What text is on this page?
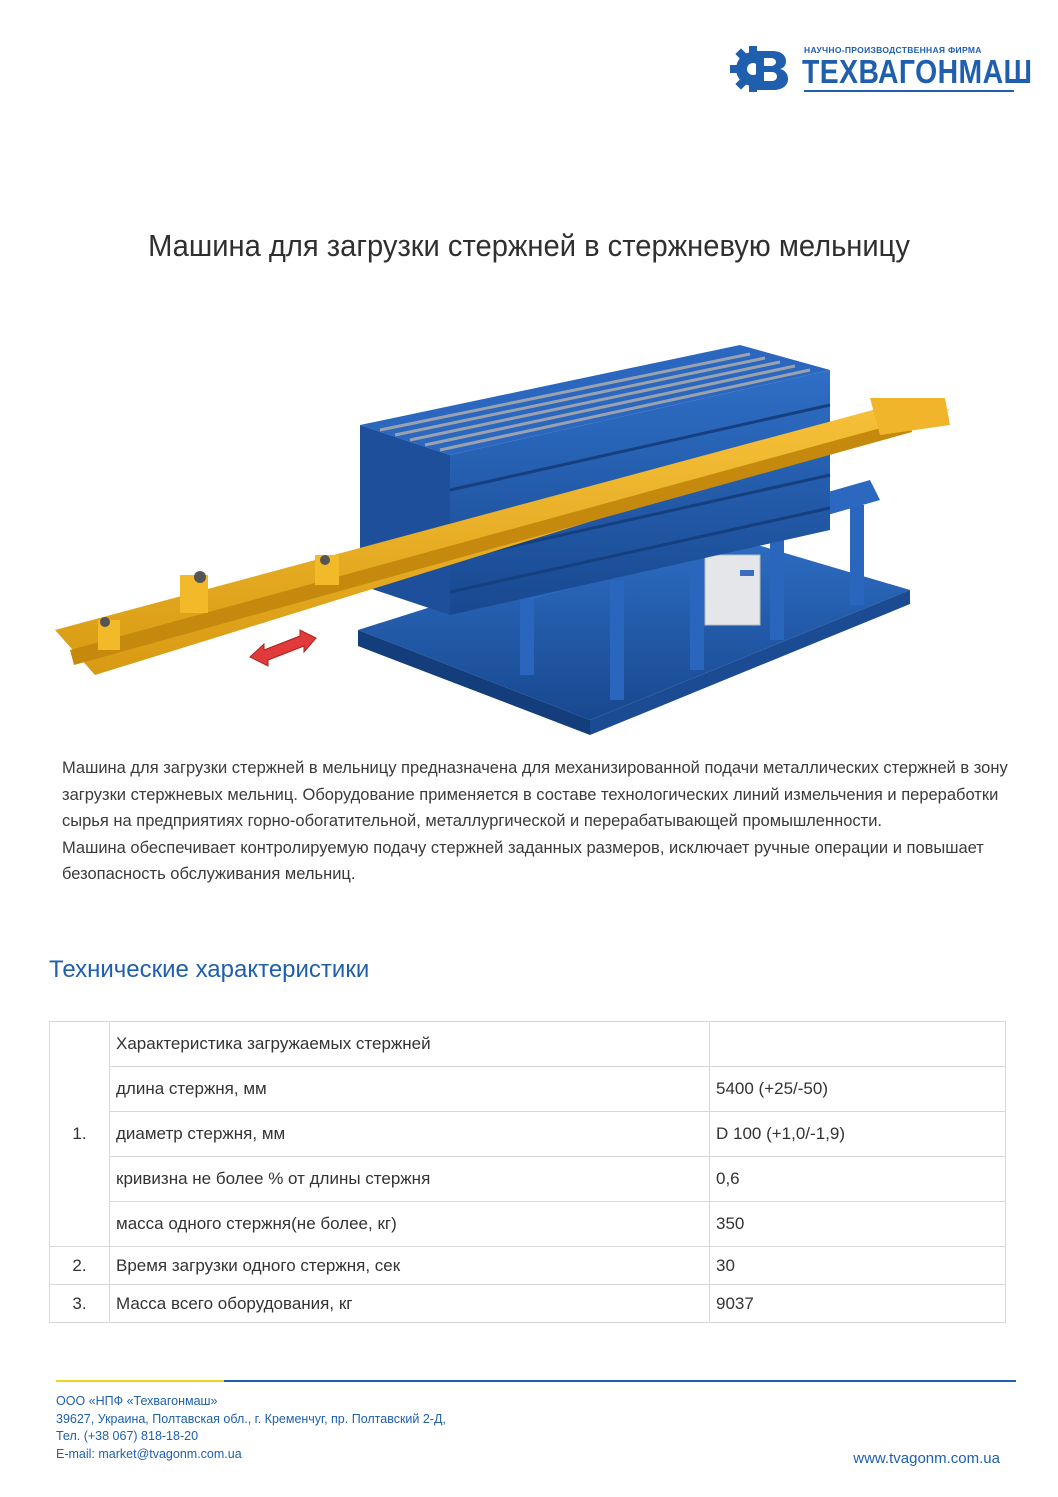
НАУЧНО-ПРОИЗВОДСТВЕННАЯ ФИРМА
ТЕХВАГОНМАШ
Машина для загрузки стержней в стержневую мельницу

Машина для загрузки стержней в мельницу предназначена для механизированной подачи металлических стержней в зону загрузки стержневых мельниц. Оборудование применяется в составе технологических линий измельчения и переработки сырья на предприятиях горно-обогатительной, металлургической и перерабатывающей промышленности.

Машина обеспечивает контролируемую подачу стержней заданных размеров, исключает ручные операции и повышает безопасность обслуживания мельниц.

Технические характеристики
1.	Характеристика загружаемых стержней	
	длина стержня, мм	5400 (+25/-50)
	диаметр стержня, мм	D 100 (+1,0/-1,9)
	кривизна не более % от длины стержня	0,6
	масса одного стержня(не более, кг)	350
2.	Время загрузки одного стержня, сек	30
3.	Масса всего оборудования, кг	9037
ООО «НПФ «Техвагонмаш»
39627, Украина, Полтавская обл., г. Кременчуг, пр. Полтавский 2-Д,
Тел. (+38 067) 818-18-20
E-mail: market@tvagonm.com.ua	www.tvagonm.com.ua
